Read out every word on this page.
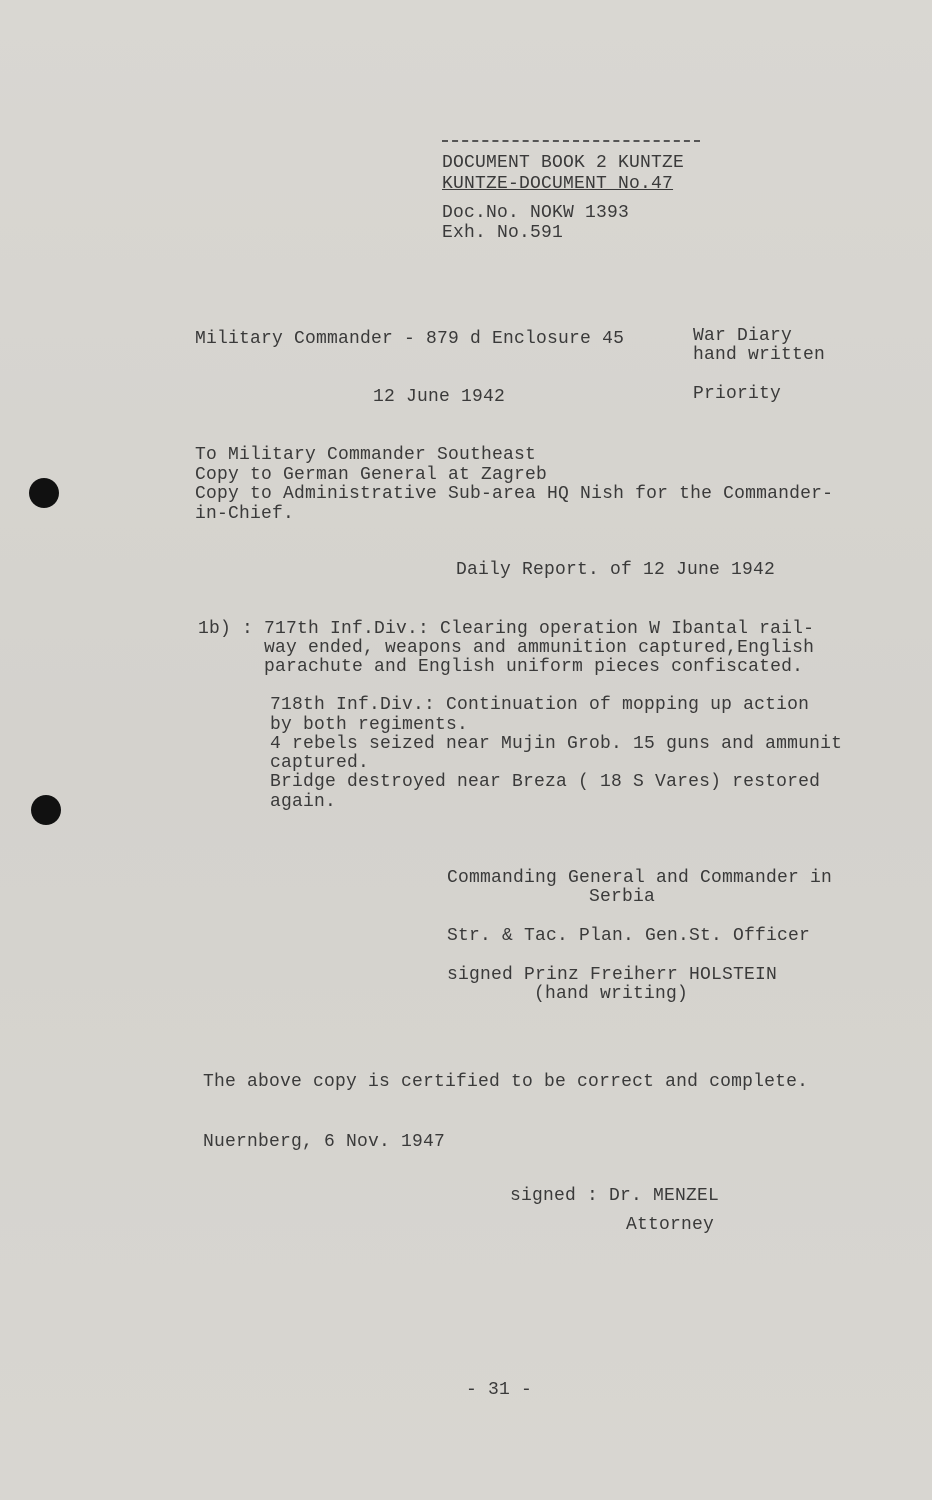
DOCUMENT BOOK 2 KUNTZE
KUNTZE-DOCUMENT No.47
Doc.No. NOKW 1393
Exh. No.591
Military Commander - 879 d Enclosure 45	War Diary
hand written
12 June 1942	Priority
To Military Commander Southeast
Copy to German General at Zagreb
Copy to Administrative Sub-area HQ Nish for the Commander-
in-Chief.
Daily Report. of 12 June 1942
1b) : 717th Inf.Div.: Clearing operation W Ibantal rail-
way ended, weapons and ammunition captured,English
parachute and English uniform pieces confiscated.
718th Inf.Div.: Continuation of mopping up action
by both regiments.
4 rebels seized near Mujin Grob. 15 guns and ammunit
captured.
Bridge destroyed near Breza ( 18 S Vares) restored
again.
Commanding General and Commander in
Serbia
Str. & Tac. Plan. Gen.St. Officer
signed Prinz Freiherr HOLSTEIN
(hand writing)
The above copy is certified to be correct and complete.
Nuernberg, 6 Nov. 1947
signed : Dr. MENZEL
Attorney
- 31 -
